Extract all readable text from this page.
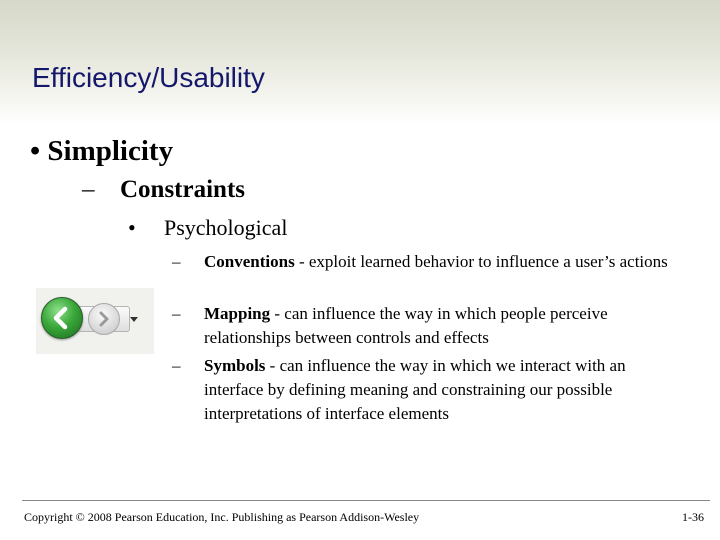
Efficiency/Usability
• Simplicity
– Constraints
• Psychological
– Conventions - exploit learned behavior to influence a user’s actions
– Mapping - can influence the way in which people perceive relationships between controls and effects
– Symbols - can influence the way in which we interact with an interface by defining meaning and constraining our possible interpretations of interface elements
Copyright © 2008 Pearson Education, Inc. Publishing as Pearson Addison-Wesley	1-36
